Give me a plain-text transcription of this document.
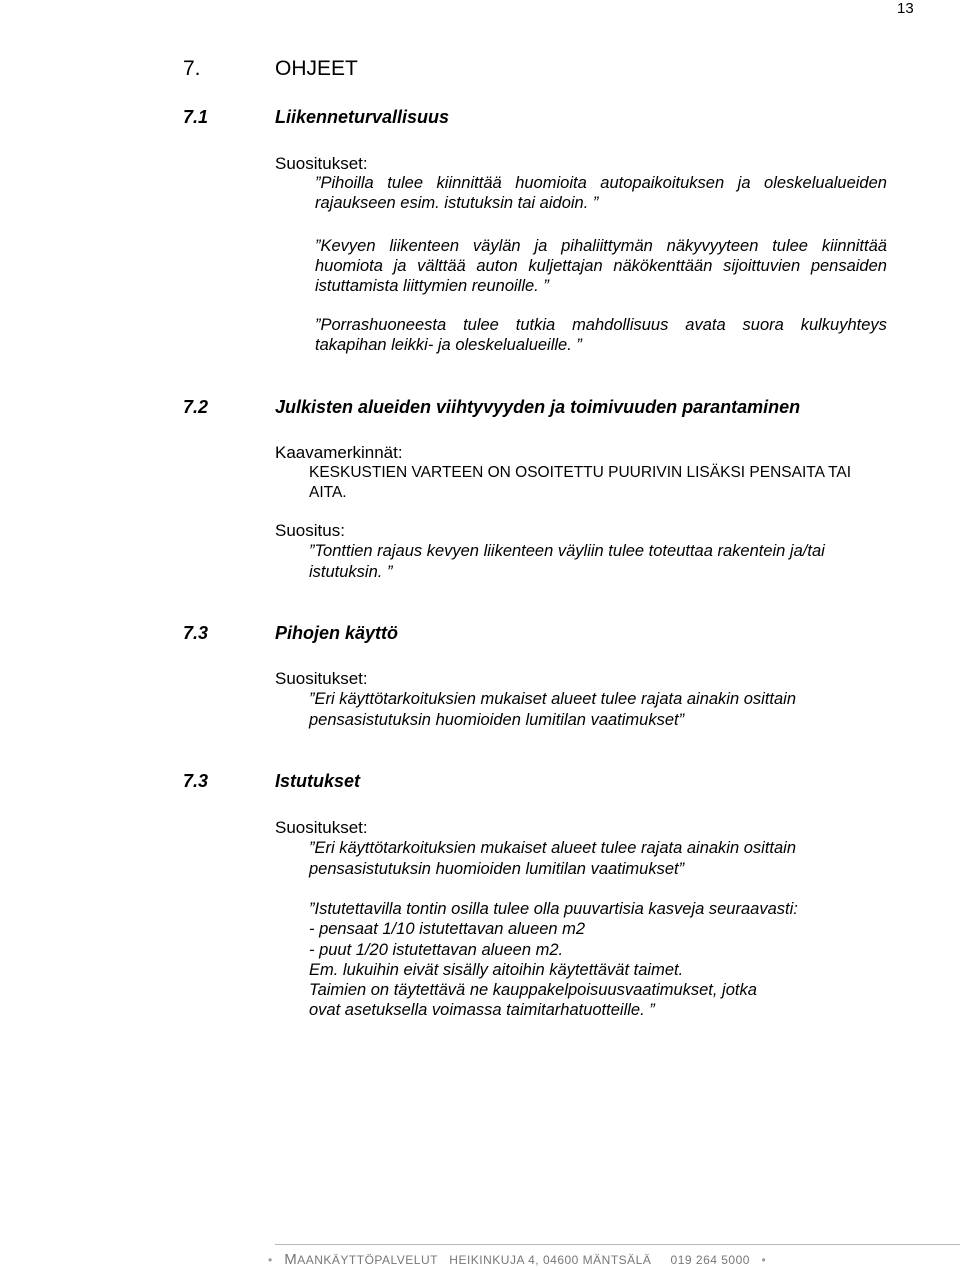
13
7.	OHJEET
7.1	Liikenneturvallisuus
Suositukset:
”Pihoilla tulee kiinnittää huomioita autopaikoituksen ja oleskelualueiden
rajaukseen esim. istutuksin tai aidoin. ”
”Kevyen liikenteen väylän ja pihaliittymän näkyvyyteen tulee kiinnittää
huomiota ja välttää auton kuljettajan näkökenttään sijoittuvien pensaiden
istuttamista liittymien reunoille. ”
”Porrashuoneesta tulee tutkia mahdollisuus avata suora kulkuyhteys
takapihan leikki- ja oleskelualueille. ”
7.2	Julkisten alueiden viihtyvyyden ja toimivuuden parantaminen
Kaavamerkinnät:
KESKUSTIEN VARTEEN ON OSOITETTU PUURIVIN LISÄKSI PENSAITA TAI
AITA.
Suositus:
”Tonttien rajaus kevyen liikenteen väyliin tulee toteuttaa rakentein ja/tai
istutuksin. ”
7.3	Pihojen käyttö
Suositukset:
”Eri käyttötarkoituksien mukaiset alueet tulee rajata ainakin osittain
pensasistutuksin huomioiden lumitilan vaatimukset”
7.3	Istutukset
Suositukset:
”Eri käyttötarkoituksien mukaiset alueet tulee rajata ainakin osittain
pensasistutuksin huomioiden lumitilan vaatimukset”
”Istutettavilla tontin osilla tulee olla puuvartisia kasveja seuraavasti:
- pensaat 1/10 istutettavan alueen m2
- puut 1/20 istutettavan alueen m2.
Em. lukuihin eivät sisälly aitoihin käytettävät taimet.
Taimien on täytettävä ne kauppakelpoisuusvaatimukset, jotka
ovat asetuksella voimassa taimitarhatuotteille. ”
• MAANKÄYTTÖPALVELUT HEIKINKUJA 4, 04600 MÄNTSÄLÄ 019 264 5000 •
